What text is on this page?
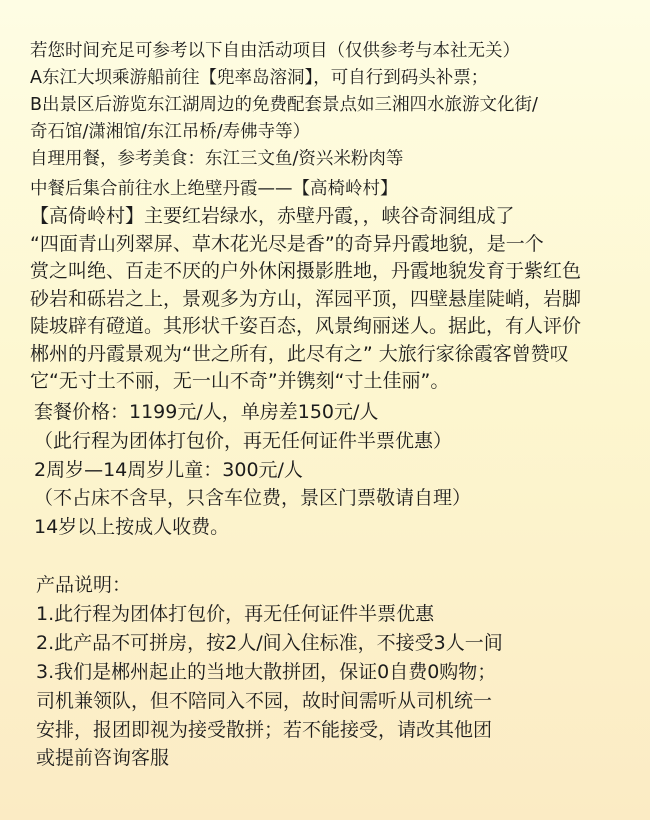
若您时间充足可参考以下自由活动项目（仅供参考与本社无关）
A东江大坝乘游船前往【兜率岛溶洞】，可自行到码头补票；
B出景区后游览东江湖周边的免费配套景点如三湘四水旅游文化街/
奇石馆/潇湘馆/东江吊桥/寿佛寺等）
自理用餐，参考美食：东江三文鱼/资兴米粉肉等
中餐后集合前往水上绝壁丹霞——【高椅岭村】
【高倚岭村】主要红岩绿水，赤壁丹霞，，峡谷奇洞组成了
“四面青山列翠屏、草木花光尽是香”的奇异丹霞地貌，是一个
赏之叫绝、百走不厌的户外休闲摄影胜地，丹霞地貌发育于紫红色
砂岩和砾岩之上，景观多为方山，浑园平顶，四壁悬崖陡峭，岩脚
陡坡辟有磴道。其形状千姿百态，风景绚丽迷人。据此，有人评价
郴州的丹霞景观为“世之所有，此尽有之” 大旅行家徐霞客曾赞叹
它“无寸土不丽，无一山不奇”并镌刻“寸土佳丽”。
套餐价格：1199元/人，单房差150元/人
（此行程为团体打包价，再无任何证件半票优惠）
2周岁—14周岁儿童：300元/人
（不占床不含早，只含车位费，景区门票敬请自理）
14岁以上按成人收费。
产品说明：
1.此行程为团体打包价，再无任何证件半票优惠
2.此产品不可拼房，按2人/间入住标准，不接受3人一间
3.我们是郴州起止的当地大散拼团，保证0自费0购物；
司机兼领队，但不陪同入不园，故时间需听从司机统一
安排，报团即视为接受散拼；若不能接受，请改其他团
或提前咨询客服
